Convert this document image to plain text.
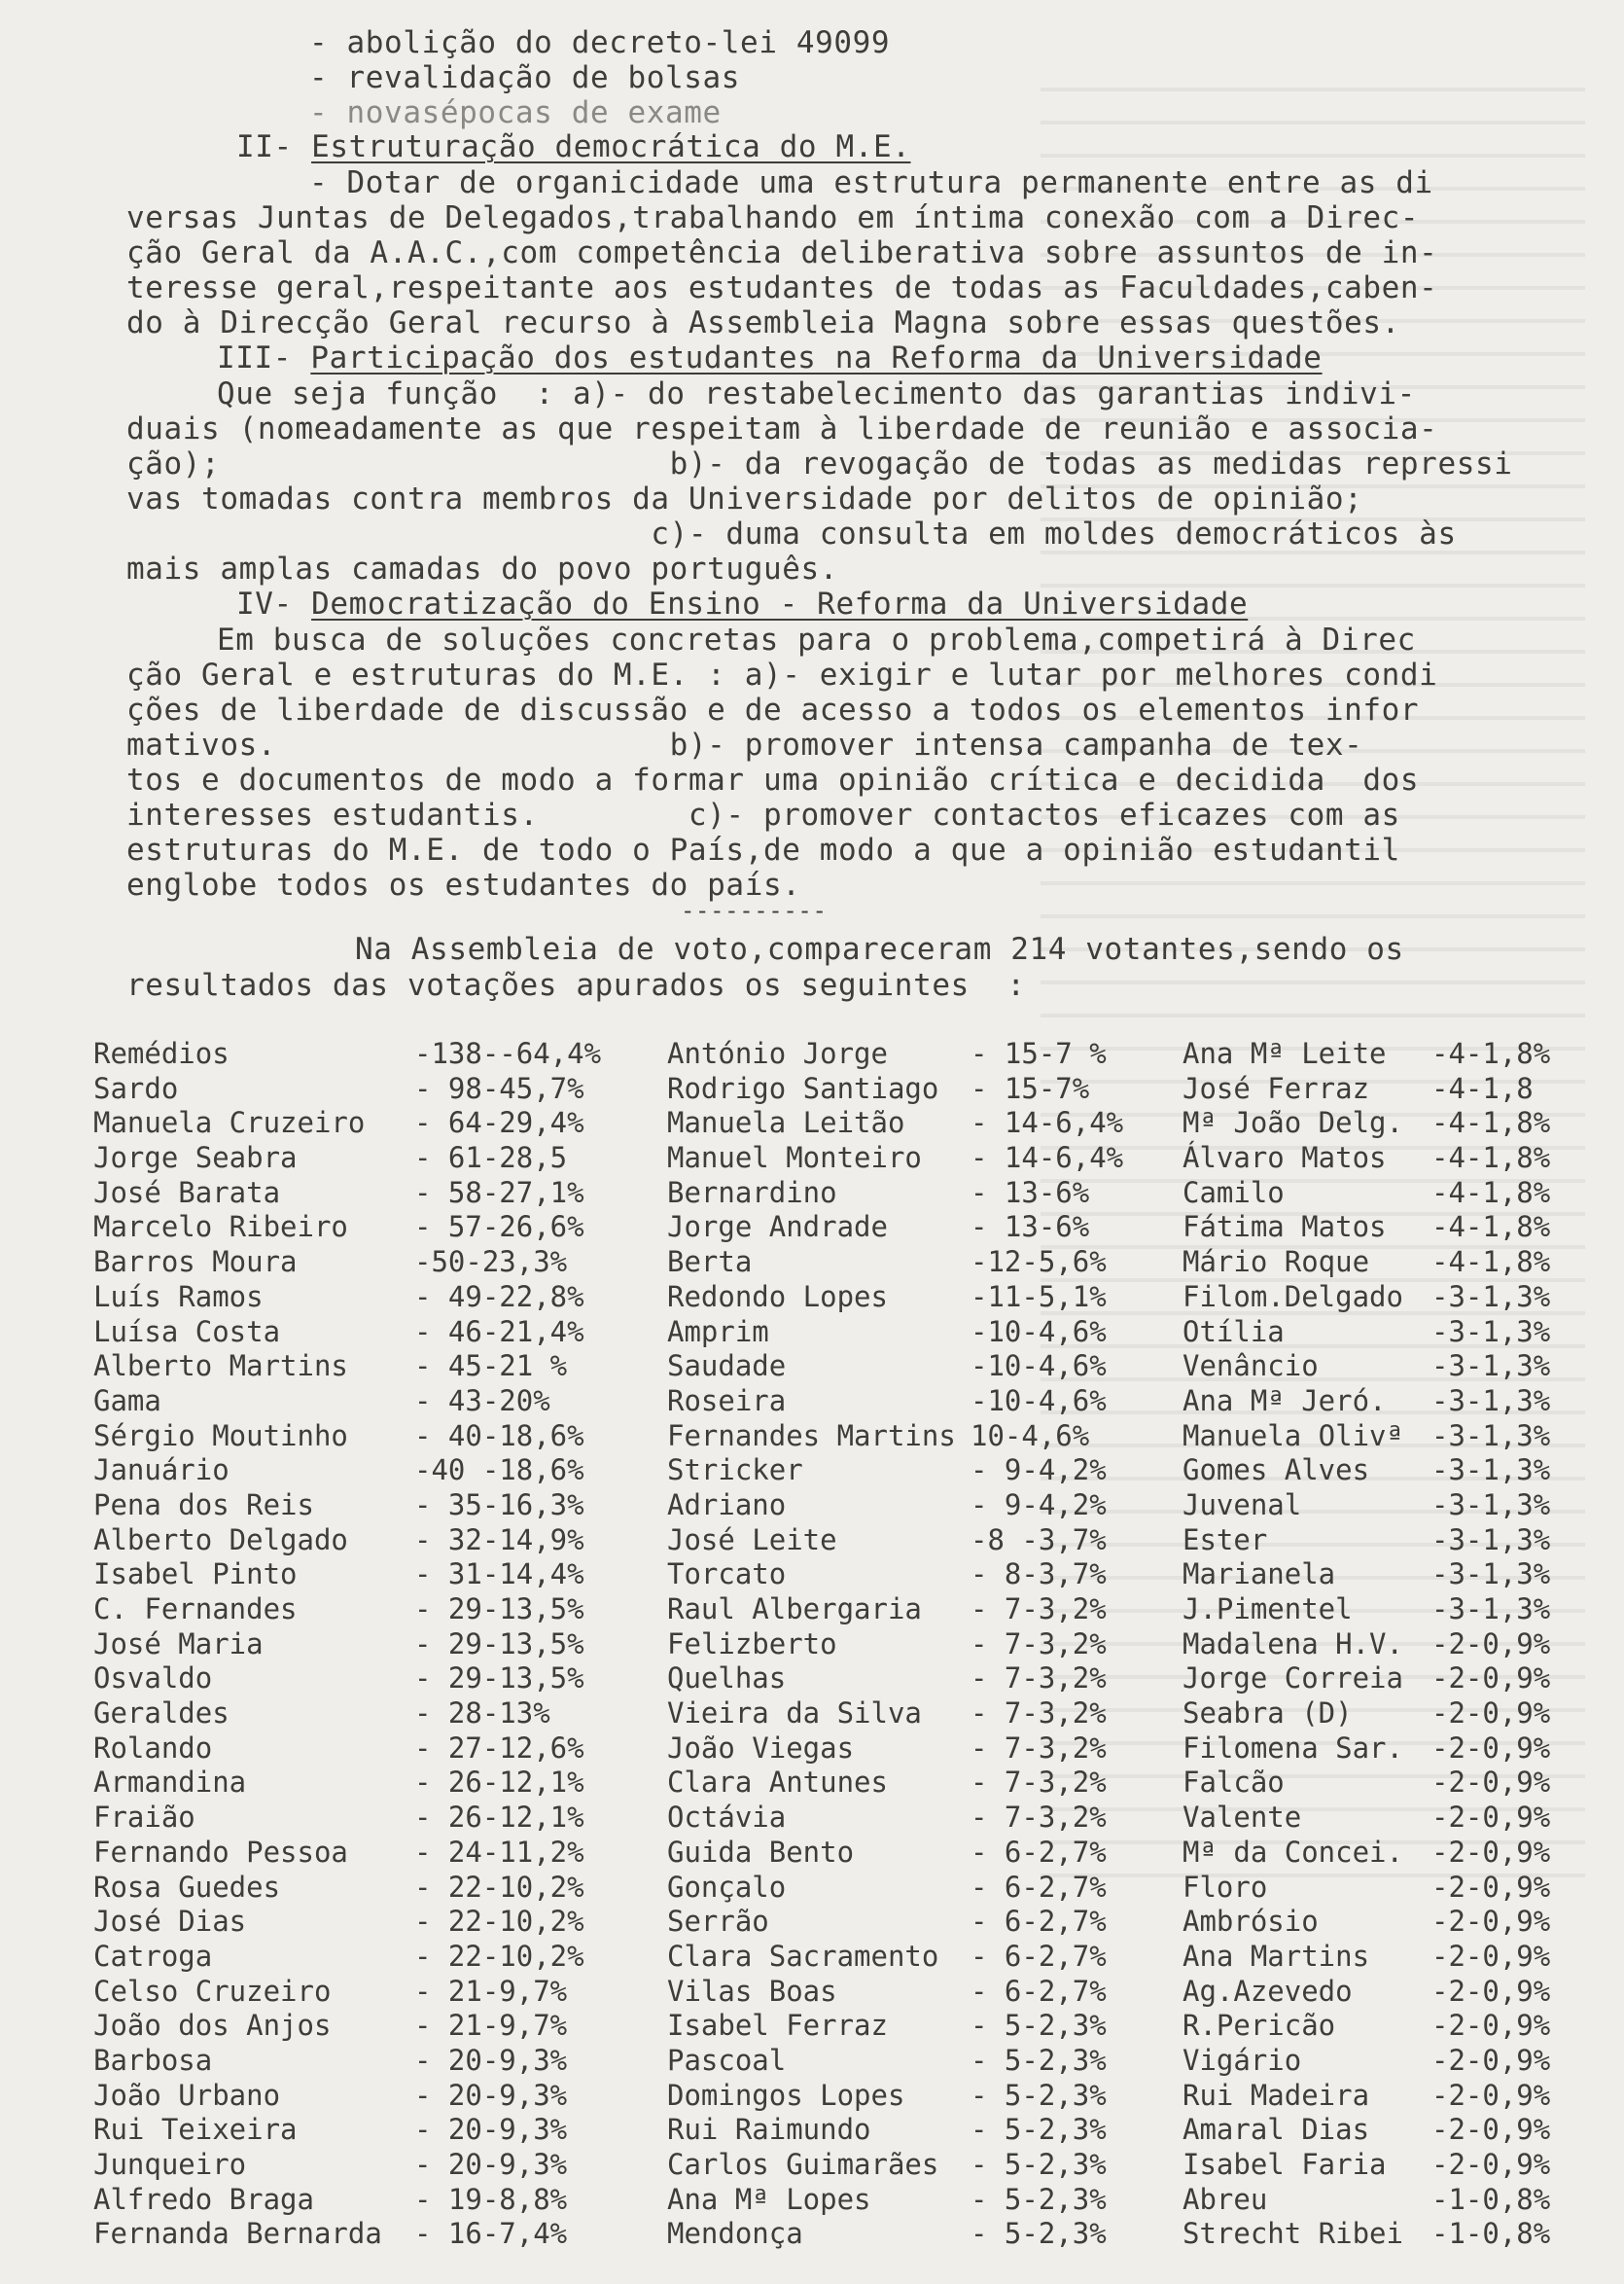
- abolição do decreto-lei 49099
- revalidação de bolsas
- novasépocas de exame
II- Estruturação democrática do M.E.
- Dotar de organicidade uma estrutura permanente entre as di
versas Juntas de Delegados,trabalhando em íntima conexão com a Direc-
ção Geral da A.A.C.,com competência deliberativa sobre assuntos de in-
teresse geral,respeitante aos estudantes de todas as Faculdades,caben-
do à Direcção Geral recurso à Assembleia Magna sobre essas questões.
III- Participação dos estudantes na Reforma da Universidade
Que seja função  : a)- do restabelecimento das garantias indivi-
duais (nomeadamente as que respeitam à liberdade de reunião e associa-
ção);                        b)- da revogação de todas as medidas repressi
vas tomadas contra membros da Universidade por delitos de opinião;
c)- duma consulta em moldes democráticos às
mais amplas camadas do povo português.
IV- Democratização do Ensino - Reforma da Universidade
Em busca de soluções concretas para o problema,competirá à Direc
ção Geral e estruturas do M.E. : a)- exigir e lutar por melhores condi
ções de liberdade de discussão e de acesso a todos os elementos infor
mativos.                     b)- promover intensa campanha de tex-
tos e documentos de modo a formar uma opinião crítica e decidida  dos
interesses estudantis.        c)- promover contactos eficazes com as
estruturas do M.E. de todo o País,de modo a que a opinião estudantil
englobe todos os estudantes do país.
----------
Na Assembleia de voto,compareceram 214 votantes,sendo os
resultados das votações apurados os seguintes  :
Remédios	-138--64,4%
Sardo	- 98-45,7%
Manuela Cruzeiro - 64-29,4%
Jorge Seabra	- 61-28,5
José Barata	- 58-27,1%
Marcelo Ribeiro - 57-26,6%
Barros Moura	-50-23,3%
Luís Ramos	- 49-22,8%
Luísa Costa	- 46-21,4%
Alberto Martins - 45-21 %
Gama	- 43-20%
Sérgio Moutinho - 40-18,6%
Januário	-40 -18,6%
Pena dos Reis	- 35-16,3%
Alberto Delgado - 32-14,9%
Isabel Pinto	- 31-14,4%
C. Fernandes	- 29-13,5%
José Maria	- 29-13,5%
Osvaldo	- 29-13,5%
Geraldes	- 28-13%
Rolando	- 27-12,6%
Armandina	- 26-12,1%
Fraião	- 26-12,1%
Fernando Pessoa - 24-11,2%
Rosa Guedes	- 22-10,2%
José Dias	- 22-10,2%
Catroga	- 22-10,2%
Celso Cruzeiro	- 21-9,7%
João dos Anjos	- 21-9,7%
Barbosa	- 20-9,3%
João Urbano	- 20-9,3%
Rui Teixeira	- 20-9,3%
Junqueiro	- 20-9,3%
Alfredo Braga	- 19-8,8%
Fernanda Bernarda - 16-7,4%
António Jorge	- 15-7 %
Rodrigo Santiago - 15-7%
Manuela Leitão - 14-6,4%
Manuel Monteiro - 14-6,4%
Bernardino	- 13-6%
Jorge Andrade	- 13-6%
Berta	-12-5,6%
Redondo Lopes	-11-5,1%
Amprim	-10-4,6%
Saudade	-10-4,6%
Roseira	-10-4,6%
Fernandes Martins 10-4,6%
Stricker	- 9-4,2%
Adriano	- 9-4,2%
José Leite	-8 -3,7%
Torcato	- 8-3,7%
Raul Albergaria - 7-3,2%
Felizberto	- 7-3,2%
Quelhas	- 7-3,2%
Vieira da Silva - 7-3,2%
João Viegas	- 7-3,2%
Clara Antunes	- 7-3,2%
Octávia	- 7-3,2%
Guida Bento	- 6-2,7%
Gonçalo	- 6-2,7%
Serrão	- 6-2,7%
Clara Sacramento - 6-2,7%
Vilas Boas	- 6-2,7%
Isabel Ferraz	- 5-2,3%
Pascoal	- 5-2,3%
Domingos Lopes - 5-2,3%
Rui Raimundo	- 5-2,3%
Carlos Guimarães - 5-2,3%
Ana Mª Lopes	- 5-2,3%
Mendonça	- 5-2,3%
Ana Mª Leite -4-1,8%
José Ferraz -4-1,8
Mª João Delg. -4-1,8%
Álvaro Matos -4-1,8%
Camilo	-4-1,8%
Fátima Matos -4-1,8%
Mário Roque -4-1,8%
Filom.Delgado -3-1,3%
Otília	-3-1,3%
Venâncio	-3-1,3%
Ana Mª Jeró. -3-1,3%
Manuela Olivª -3-1,3%
Gomes Alves -3-1,3%
Juvenal	-3-1,3%
Ester	-3-1,3%
Marianela	-3-1,3%
J.Pimentel	-3-1,3%
Madalena H.V. -2-0,9%
Jorge Correia -2-0,9%
Seabra (D)	-2-0,9%
Filomena Sar. -2-0,9%
Falcão	-2-0,9%
Valente	-2-0,9%
Mª da Concei. -2-0,9%
Floro	-2-0,9%
Ambrósio	-2-0,9%
Ana Martins -2-0,9%
Ag.Azevedo	-2-0,9%
R.Pericão	-2-0,9%
Vigário	-2-0,9%
Rui Madeira -2-0,9%
Amaral Dias -2-0,9%
Isabel Faria -2-0,9%
Abreu	-1-0,8%
Strecht Ribei -1-0,8%
